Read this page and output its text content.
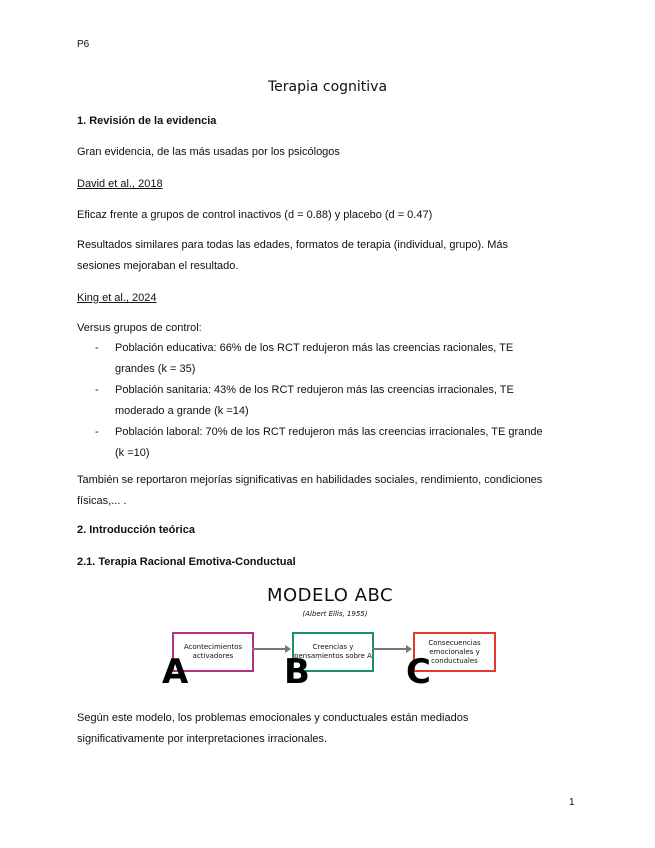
P6
Terapia cognitiva
1. Revisión de la evidencia
Gran evidencia, de las más usadas por los psicólogos
David et al., 2018
Eficaz frente a grupos de control inactivos (d = 0.88) y placebo (d = 0.47)
Resultados similares para todas las edades, formatos de terapia (individual, grupo). Más
sesiones mejoraban el resultado.
King et al., 2024
Versus grupos de control:
-	Población educativa: 66% de los RCT redujeron más las creencias racionales, TE
grandes (k = 35)
-	Población sanitaria: 43% de los RCT redujeron más las creencias irracionales, TE
moderado a grande (k =14)
-	Población laboral: 70% de los RCT redujeron más las creencias irracionales, TE grande
(k =10)
También se reportaron mejorías significativas en habilidades sociales, rendimiento, condiciones
físicas,... .
2. Introducción teórica
2.1. Terapia Racional Emotiva-Conductual
MODELO ABC
(Albert Ellis, 1955)
Acontecimientos activadores
Creencias y pensamientos sobre A
Consecuencias emocionales y conductuales
A	B	C
Según este modelo, los problemas emocionales y conductuales están mediados
significativamente por interpretaciones irracionales.
1
